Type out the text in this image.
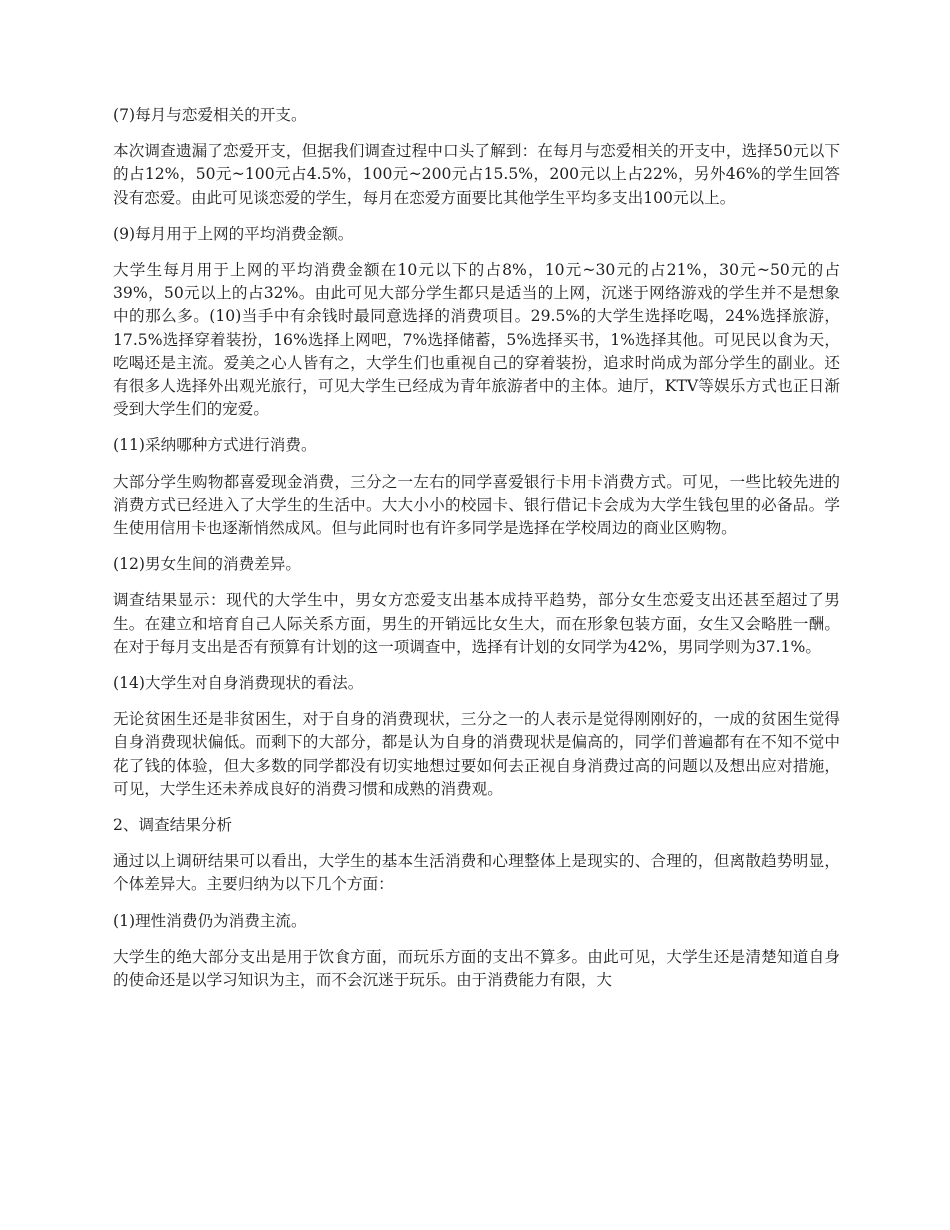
(7)每月与恋爱相关的开支。

本次调查遗漏了恋爱开支，但据我们调查过程中口头了解到：在每月与恋爱相关的开支中，选择50元以下的占12%，50元~100元占4.5%，100元~200元占15.5%，200元以上占22%，另外46%的学生回答没有恋爱。由此可见谈恋爱的学生，每月在恋爱方面要比其他学生平均多支出100元以上。

(9)每月用于上网的平均消费金额。

大学生每月用于上网的平均消费金额在10元以下的占8%，10元~30元的占21%，30元~50元的占39%，50元以上的占32%。由此可见大部分学生都只是适当的上网，沉迷于网络游戏的学生并不是想象中的那么多。(10)当手中有余钱时最同意选择的消费项目。29.5%的大学生选择吃喝，24%选择旅游，17.5%选择穿着装扮，16%选择上网吧，7%选择储蓄，5%选择买书，1%选择其他。可见民以食为天，吃喝还是主流。爱美之心人皆有之，大学生们也重视自己的穿着装扮，追求时尚成为部分学生的副业。还有很多人选择外出观光旅行，可见大学生已经成为青年旅游者中的主体。迪厅，KTV等娱乐方式也正日渐受到大学生们的宠爱。

(11)采纳哪种方式进行消费。

大部分学生购物都喜爱现金消费，三分之一左右的同学喜爱银行卡用卡消费方式。可见，一些比较先进的消费方式已经进入了大学生的生活中。大大小小的校园卡、银行借记卡会成为大学生钱包里的必备品。学生使用信用卡也逐渐悄然成风。但与此同时也有许多同学是选择在学校周边的商业区购物。

(12)男女生间的消费差异。

调查结果显示：现代的大学生中，男女方恋爱支出基本成持平趋势，部分女生恋爱支出还甚至超过了男生。在建立和培育自己人际关系方面，男生的开销远比女生大，而在形象包装方面，女生又会略胜一酬。在对于每月支出是否有预算有计划的这一项调查中，选择有计划的女同学为42%，男同学则为37.1%。

(14)大学生对自身消费现状的看法。

无论贫困生还是非贫困生，对于自身的消费现状，三分之一的人表示是觉得刚刚好的，一成的贫困生觉得自身消费现状偏低。而剩下的大部分，都是认为自身的消费现状是偏高的，同学们普遍都有在不知不觉中花了钱的体验，但大多数的同学都没有切实地想过要如何去正视自身消费过高的问题以及想出应对措施，可见，大学生还未养成良好的消费习惯和成熟的消费观。

2、调查结果分析

通过以上调研结果可以看出，大学生的基本生活消费和心理整体上是现实的、合理的，但离散趋势明显，个体差异大。主要归纳为以下几个方面：

(1)理性消费仍为消费主流。

大学生的绝大部分支出是用于饮食方面，而玩乐方面的支出不算多。由此可见，大学生还是清楚知道自身的使命还是以学习知识为主，而不会沉迷于玩乐。由于消费能力有限，大
